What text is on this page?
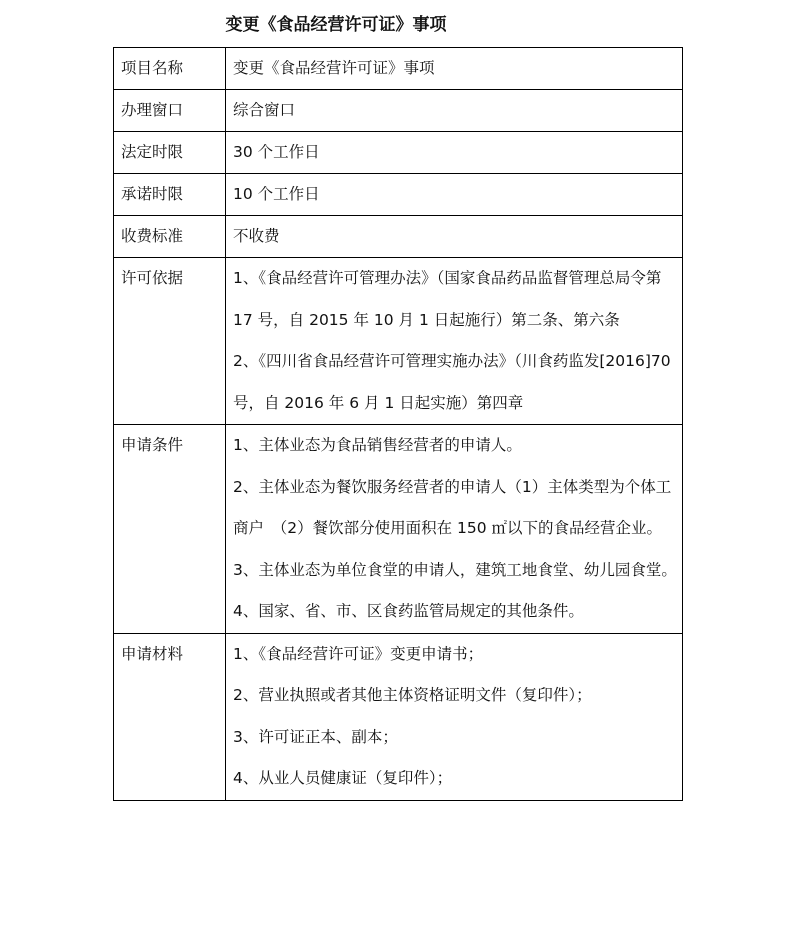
变更《食品经营许可证》事项
项目名称	变更《食品经营许可证》事项
办理窗口	综合窗口
法定时限	30 个工作日
承诺时限	10 个工作日
收费标准	不收费
许可依据	1、《食品经营许可管理办法》（国家食品药品监督管理总局令第 17 号，自 2015 年 10 月 1 日起施行）第二条、第六条
2、《四川省食品经营许可管理实施办法》（川食药监发[2016]70 号，自 2016 年 6 月 1 日起实施）第四章

申请条件	1、主体业态为食品销售经营者的申请人。
2、主体业态为餐饮服务经营者的申请人（1）主体类型为个体工商户　（2）餐饮部分使用面积在 150 ㎡以下的食品经营企业。
3、主体业态为单位食堂的申请人，建筑工地食堂、幼儿园食堂。
4、国家、省、市、区食药监管局规定的其他条件。

申请材料	1、《食品经营许可证》变更申请书；
2、营业执照或者其他主体资格证明文件（复印件）；
3、许可证正本、副本；
4、从业人员健康证（复印件）；
